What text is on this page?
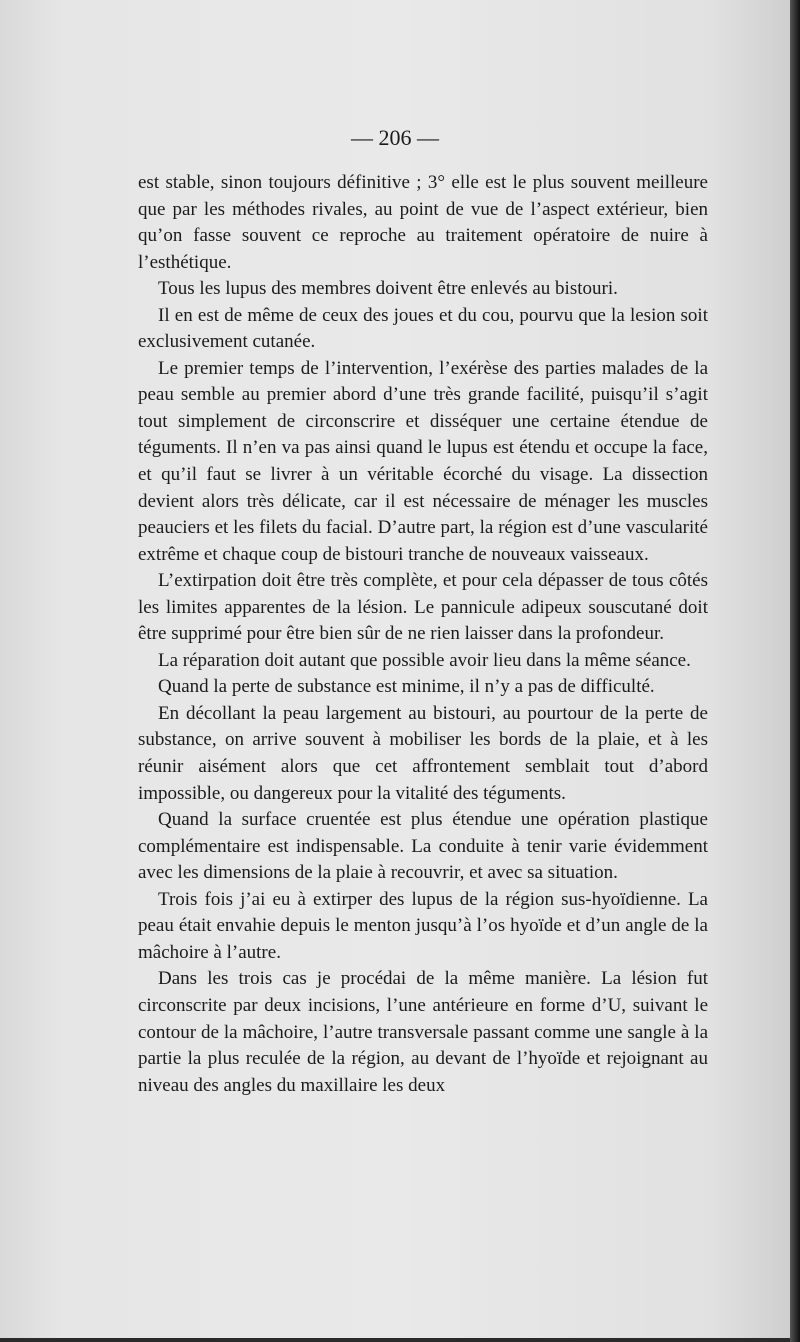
— 206 —

est stable, sinon toujours définitive ; 3° elle est le plus souvent meilleure que par les méthodes rivales, au point de vue de l’aspect extérieur, bien qu’on fasse souvent ce reproche au traitement opératoire de nuire à l’esthétique.

Tous les lupus des membres doivent être enlevés au bistouri.

Il en est de même de ceux des joues et du cou, pourvu que la lesion soit exclusivement cutanée.

Le premier temps de l’intervention, l’exérèse des parties malades de la peau semble au premier abord d’une très grande facilité, puisqu’il s’agit tout simplement de circonscrire et disséquer une certaine étendue de téguments. Il n’en va pas ainsi quand le lupus est étendu et occupe la face, et qu’il faut se livrer à un véritable écorché du visage. La dissection devient alors très délicate, car il est nécessaire de ménager les muscles peauciers et les filets du facial. D’autre part, la région est d’une vascularité extrême et chaque coup de bistouri tranche de nouveaux vaisseaux.

L’extirpation doit être très complète, et pour cela dépasser de tous côtés les limites apparentes de la lésion. Le pannicule adipeux souscutané doit être supprimé pour être bien sûr de ne rien laisser dans la profondeur.

La réparation doit autant que possible avoir lieu dans la même séance.

Quand la perte de substance est minime, il n’y a pas de difficulté.

En décollant la peau largement au bistouri, au pourtour de la perte de substance, on arrive souvent à mobiliser les bords de la plaie, et à les réunir aisément alors que cet affrontement semblait tout d’abord impossible, ou dangereux pour la vitalité des téguments.

Quand la surface cruentée est plus étendue une opération plastique complémentaire est indispensable. La conduite à tenir varie évidemment avec les dimensions de la plaie à recouvrir, et avec sa situation.

Trois fois j’ai eu à extirper des lupus de la région sus-hyoïdienne. La peau était envahie depuis le menton jusqu’à l’os hyoïde et d’un angle de la mâchoire à l’autre.

Dans les trois cas je procédai de la même manière. La lésion fut circonscrite par deux incisions, l’une antérieure en forme d’U, suivant le contour de la mâchoire, l’autre transversale passant comme une sangle à la partie la plus reculée de la région, au devant de l’hyoïde et rejoignant au niveau des angles du maxillaire les deux
